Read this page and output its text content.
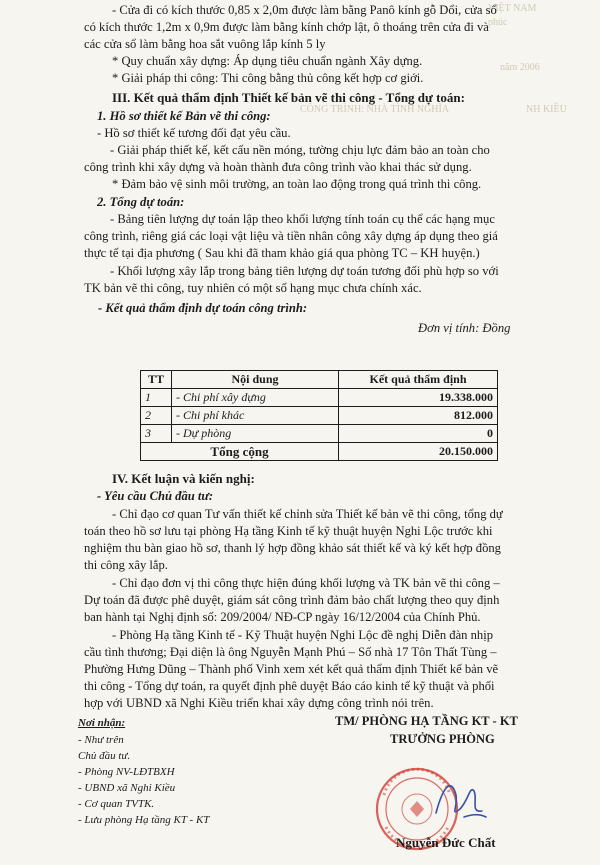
VIỆT NAM
phúc
năm 2006
CÔNG TRÌNH: NHÀ TÌNH NGHĨA	NH KIỀU
- Cửa đi có kích thước 0,85 x 2,0m được làm bằng Panô kính gỗ Dổi, cửa sổ
có kích thước 1,2m x 0,9m được làm bằng kính chớp lật, ô thoáng trên cửa đi và
các cửa sổ làm bằng hoa sắt vuông lắp kính 5 ly
* Quy chuẩn xây dựng: Áp dụng tiêu chuẩn ngành Xây dựng.
* Giải pháp thi công: Thi công bằng thủ công kết hợp cơ giới.
III. Kết quả thẩm định Thiết kế bản vẽ thi công - Tổng dự toán:
1. Hồ sơ thiết kế Bản vẽ thi công:
- Hồ sơ thiết kế tương đối đạt yêu cầu.
- Giải pháp thiết kế, kết cấu nền móng, tường chịu lực đảm bảo an toàn cho
công trình khi xây dựng và hoàn thành đưa công trình vào khai thác sử dụng.
* Đảm bảo vệ sinh môi trường, an toàn lao động trong quá trình thi công.
2. Tổng dự toán:
- Bảng tiên lượng dự toán lập theo khối lượng tính toán cụ thể các hạng mục
công trình, riêng giá các loại vật liệu và tiền nhân công xây dựng áp dụng theo giá
thực tế tại địa phương ( Sau khi đã tham khảo giá qua phòng TC – KH huyện.)
- Khối lượng xây lắp trong bảng tiên lượng dự toán tương đối phù hợp so với
TK bản vẽ thi công, tuy nhiên có một số hạng mục chưa chính xác.
- Kết quả thẩm định dự toán công trình:
Đơn vị tính: Đồng
TT	Nội dung	Kết quả thẩm định
1	- Chi phí xây dựng	19.338.000
2	- Chi phí khác	812.000
3	- Dự phòng	0
Tổng cộng		20.150.000
IV. Kết luận và kiến nghị:
- Yêu cầu Chủ đầu tư:
- Chỉ đạo cơ quan Tư vấn thiết kế chỉnh sửa Thiết kế bản vẽ thi công, tổng dự
toán theo hồ sơ lưu tại phòng Hạ tầng Kinh tế kỹ thuật huyện Nghi Lộc trước khi
nghiệm thu bàn giao hồ sơ, thanh lý hợp đồng khảo sát thiết kế và ký kết hợp đồng
thi công xây lắp.
- Chỉ đạo đơn vị thi công thực hiện đúng khối lượng và TK bản vẽ thi công –
Dự toán đã được phê duyệt, giám sát công trình đảm bảo chất lượng theo quy định
ban hành tại Nghị định số: 209/2004/ NĐ-CP ngày 16/12/2004 của Chính Phủ.
- Phòng Hạ tầng Kinh tế - Kỹ Thuật huyện Nghi Lộc đề nghị Diễn đàn nhịp
cầu tình thương; Đại diện là ông Nguyễn Mạnh Phú – Số nhà 17 Tôn Thất Tùng –
Phường Hưng Dũng – Thành phố Vinh xem xét kết quả thẩm định Thiết kế bản vẽ
thi công - Tổng dự toán, ra quyết định phê duyệt Báo cáo kinh tế kỹ thuật và phối
hợp với UBND xã Nghi Kiều triển khai xây dựng công trình nói trên.
Nơi nhận:
- Như trên
Chủ đầu tư.
- Phòng NV-LĐTBXH
- UBND xã Nghi Kiều
- Cơ quan TVTK.
- Lưu phòng Hạ tầng KT - KT
TM/ PHÒNG HẠ TẦNG KT - KT
TRƯỞNG PHÒNG
Nguyễn Đức Chất
